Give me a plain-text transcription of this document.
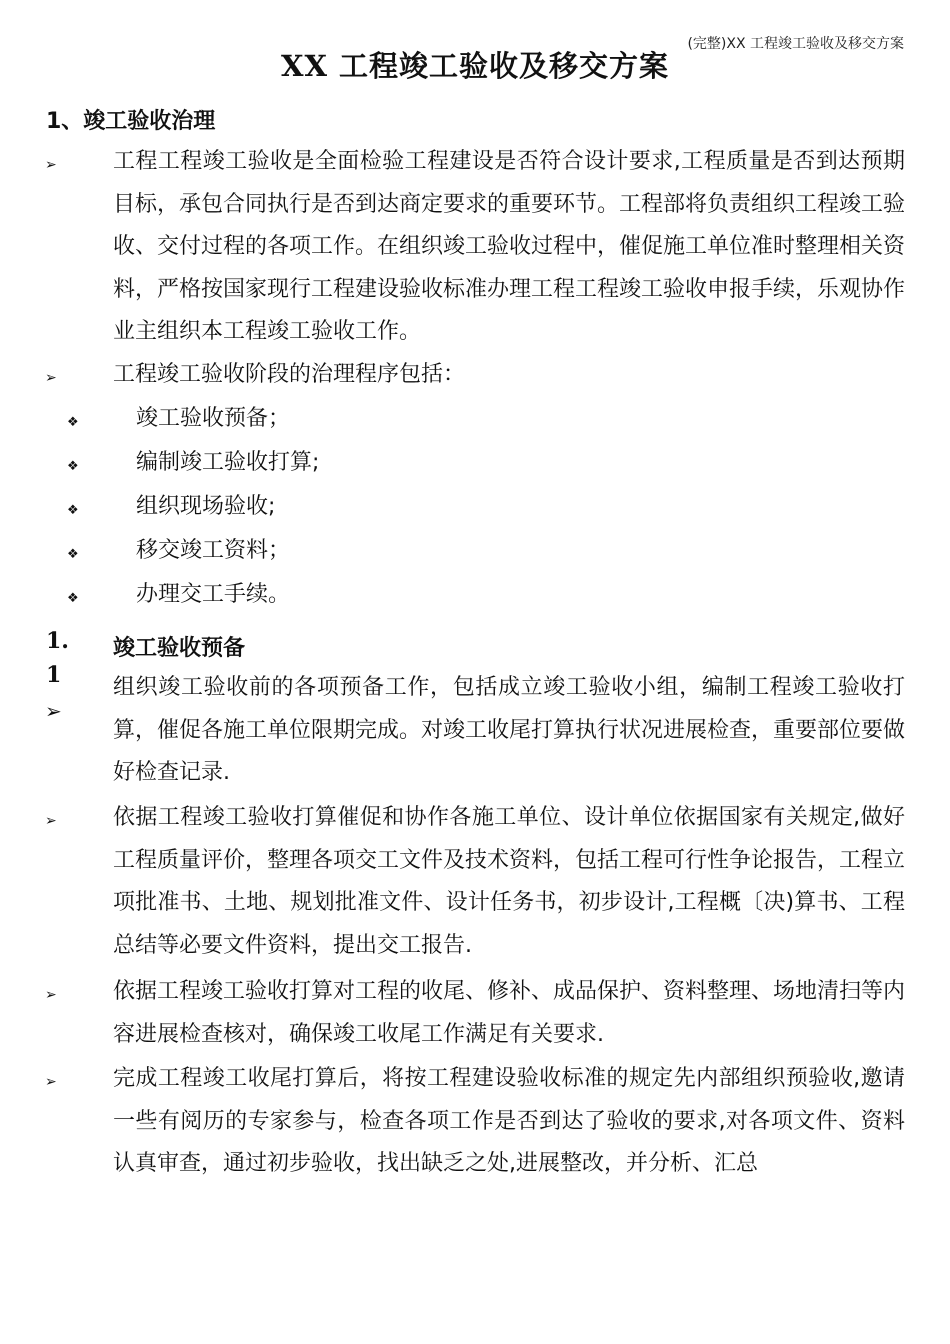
(完整)XX 工程竣工验收及移交方案
XX 工程竣工验收及移交方案
1、竣工验收治理
➢	工程工程竣工验收是全面检验工程建设是否符合设计要求,工程质量是否到达预期目标，承包合同执行是否到达商定要求的重要环节。工程部将负责组织工程竣工验收、交付过程的各项工作。在组织竣工验收过程中，催促施工单位准时整理相关资料，严格按国家现行工程建设验收标准办理工程工程竣工验收申报手续，乐观协作业主组织本工程竣工验收工作。
➢	工程竣工验收阶段的治理程序包括：
❖	竣工验收预备；
❖	编制竣工验收打算;
❖	组织现场验收;
❖	移交竣工资料；
❖	办理交工手续。
1.
1
竣工验收预备
➢
组织竣工验收前的各项预备工作，包括成立竣工验收小组，编制工程竣工验收打算，催促各施工单位限期完成。对竣工收尾打算执行状况进展检查，重要部位要做好检查记录.
➢	依据工程竣工验收打算催促和协作各施工单位、设计单位依据国家有关规定,做好工程质量评价，整理各项交工文件及技术资料，包括工程可行性争论报告，工程立项批准书、土地、规划批准文件、设计任务书，初步设计,工程概〔决)算书、工程总结等必要文件资料，提出交工报告.
➢	依据工程竣工验收打算对工程的收尾、修补、成品保护、资料整理、场地清扫等内容进展检查核对，确保竣工收尾工作满足有关要求.
➢	完成工程竣工收尾打算后，将按工程建设验收标准的规定先内部组织预验收,邀请一些有阅历的专家参与，检查各项工作是否到达了验收的要求,对各项文件、资料认真审查，通过初步验收，找出缺乏之处,进展整改，并分析、汇总
